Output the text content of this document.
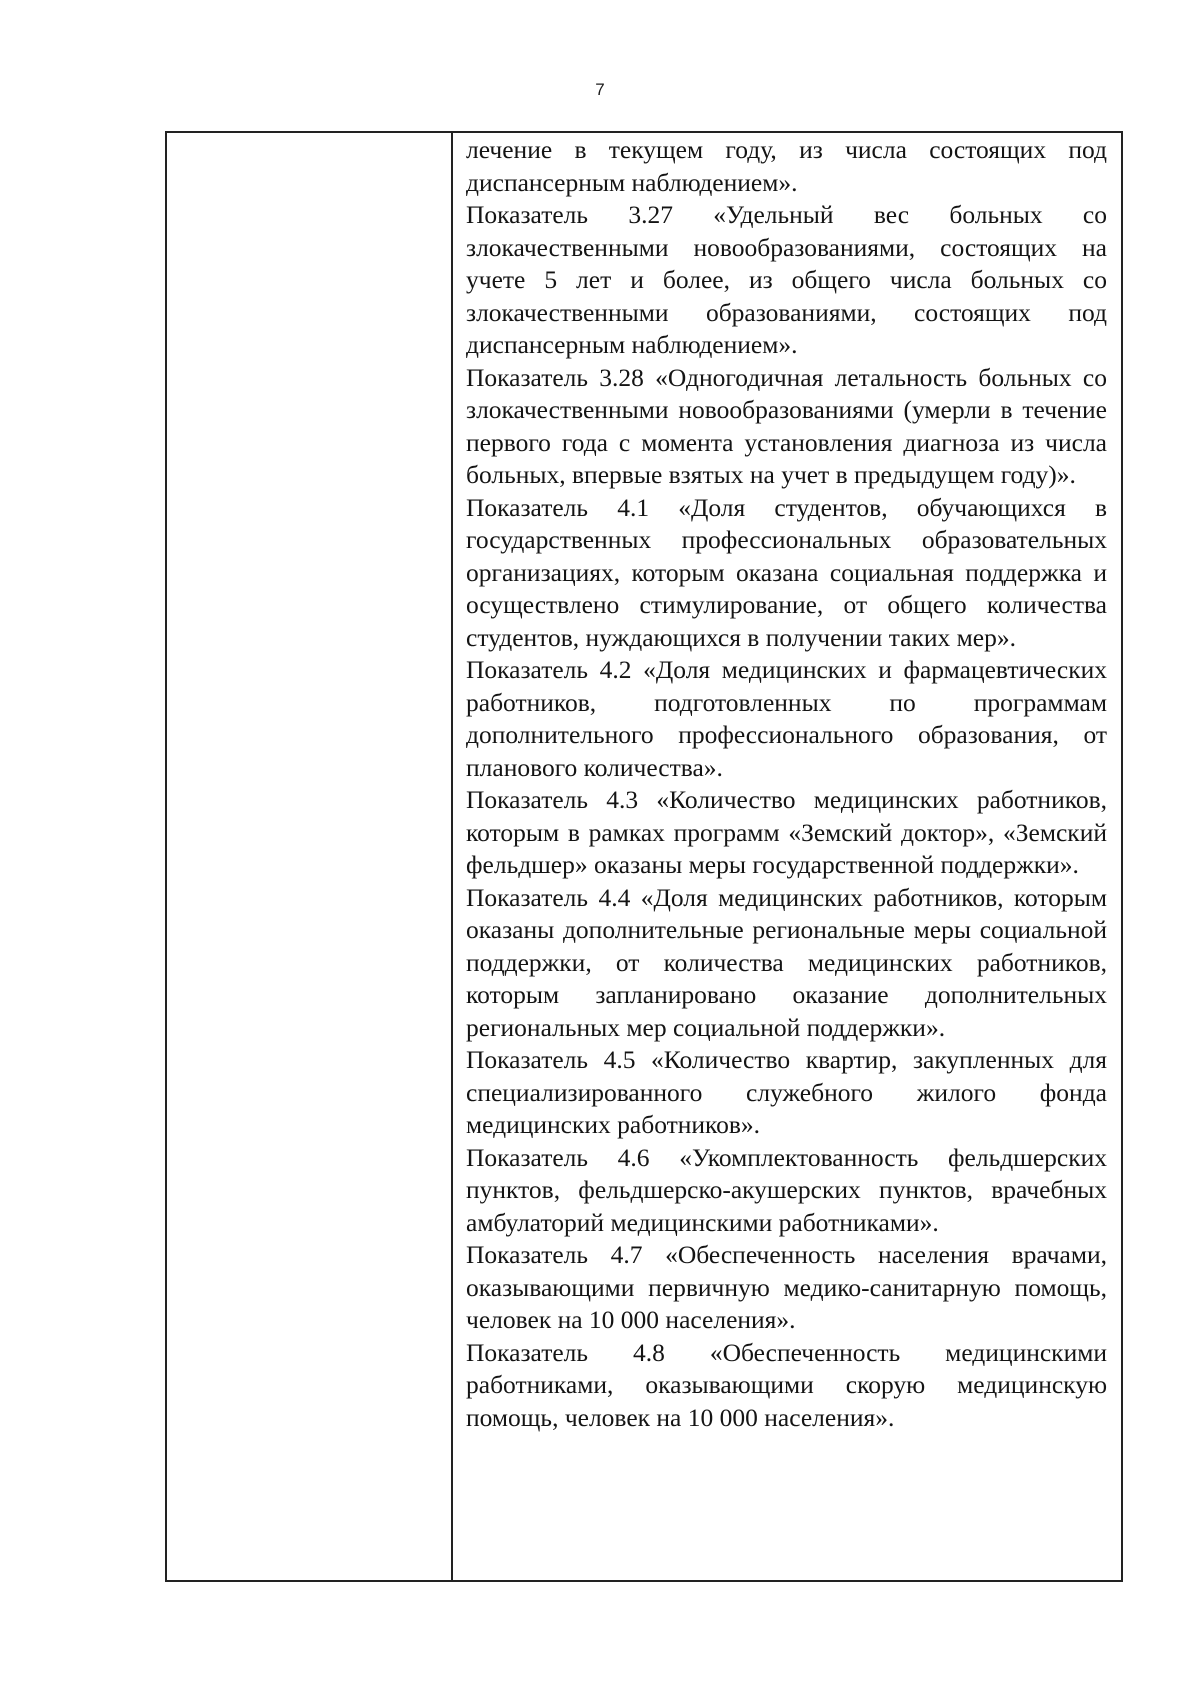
7

лечение в текущем году, из числа состоящих под диспансерным наблюдением».

Показатель 3.27 «Удельный вес больных со злокачественными новообразованиями, состоящих на учете 5 лет и более, из общего числа больных со злокачественными образованиями, состоящих под диспансерным наблюдением».

Показатель 3.28 «Одногодичная летальность больных со злокачественными новообразованиями (умерли в течение первого года с момента установления диагноза из числа больных, впервые взятых на учет в предыдущем году)».

Показатель 4.1 «Доля студентов, обучающихся в государственных профессиональных образовательных организациях, которым оказана социальная поддержка и осуществлено стимулирование, от общего количества студентов, нуждающихся в получении таких мер».

Показатель 4.2 «Доля медицинских и фармацевтических работников, подготовленных по программам дополнительного профессионального образования, от планового количества».

Показатель 4.3 «Количество медицинских работников, которым в рамках программ «Земский доктор», «Земский фельдшер» оказаны меры государственной поддержки».

Показатель 4.4 «Доля медицинских работников, которым оказаны дополнительные региональные меры социальной поддержки, от количества медицинских работников, которым запланировано оказание дополнительных региональных мер социальной поддержки».

Показатель 4.5 «Количество квартир, закупленных для специализированного служебного жилого фонда медицинских работников».

Показатель 4.6 «Укомплектованность фельдшерских пунктов, фельдшерско-акушерских пунктов, врачебных амбулаторий медицинскими работниками».

Показатель 4.7 «Обеспеченность населения врачами, оказывающими первичную медико-санитарную помощь, человек на 10 000 населения».

Показатель 4.8 «Обеспеченность медицинскими работниками, оказывающими скорую медицинскую помощь, человек на 10 000 населения».
